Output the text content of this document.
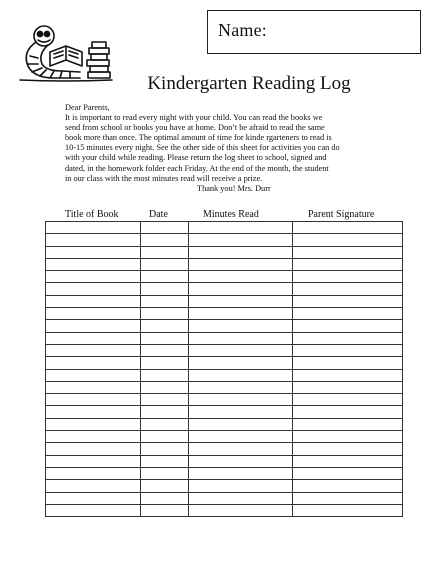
Name:
Kindergarten Reading Log
Dear Parents,
It is important to read every night with your child. You can read the books we
send from school or books you have at home. Don’t be afraid to read the same
book more than once. The optimal amount of time for kinde rgarteners to read is
10-15 minutes every night. See the other side of this sheet for activities you can do
with your child while reading. Please return the log sheet to school, signed and
dated, in the homework folder each Friday. At the end of the month, the student
in our class with the most minutes read will receive a prize.
Thank you! Mrs. Durr
Title of Book	Date	Minutes Read	Parent Signature
